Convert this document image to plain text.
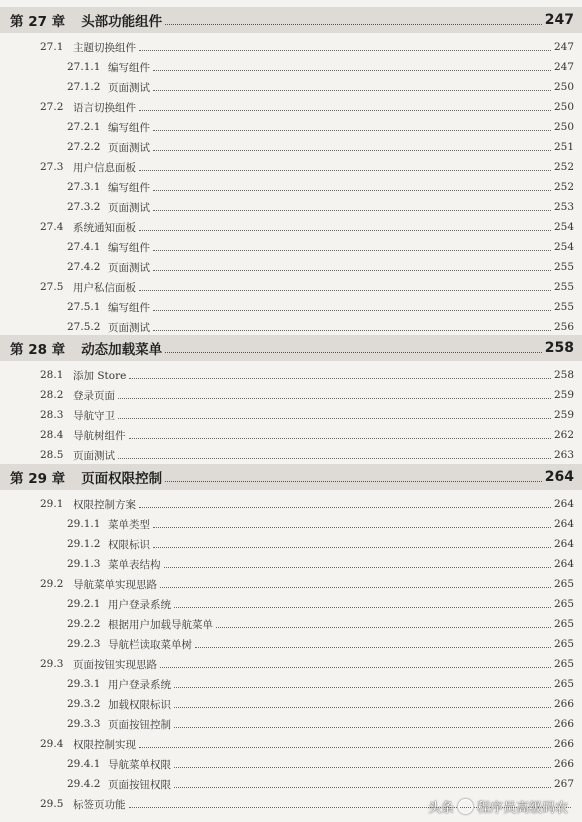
第 27 章 头部功能组件	247
27.1 主题切换组件	247
27.1.1 编写组件	247
27.1.2 页面测试	250
27.2 语言切换组件	250
27.2.1 编写组件	250
27.2.2 页面测试	251
27.3 用户信息面板	252
27.3.1 编写组件	252
27.3.2 页面测试	253
27.4 系统通知面板	254
27.4.1 编写组件	254
27.4.2 页面测试	255
27.5 用户私信面板	255
27.5.1 编写组件	255
27.5.2 页面测试	256
第 28 章 动态加载菜单	258
28.1 添加 Store	258
28.2 登录页面	259
28.3 导航守卫	259
28.4 导航树组件	262
28.5 页面测试	263
第 29 章 页面权限控制	264
29.1 权限控制方案	264
29.1.1 菜单类型	264
29.1.2 权限标识	264
29.1.3 菜单表结构	264
29.2 导航菜单实现思路	265
29.2.1 用户登录系统	265
29.2.2 根据用户加载导航菜单	265
29.2.3 导航栏读取菜单树	265
29.3 页面按钮实现思路	265
29.3.1 用户登录系统	265
29.3.2 加载权限标识	266
29.3.3 页面按钮控制	266
29.4 权限控制实现	266
29.4.1 导航菜单权限	266
29.4.2 页面按钮权限	267
29.5 标签页功能	头条 程序员高级码农
